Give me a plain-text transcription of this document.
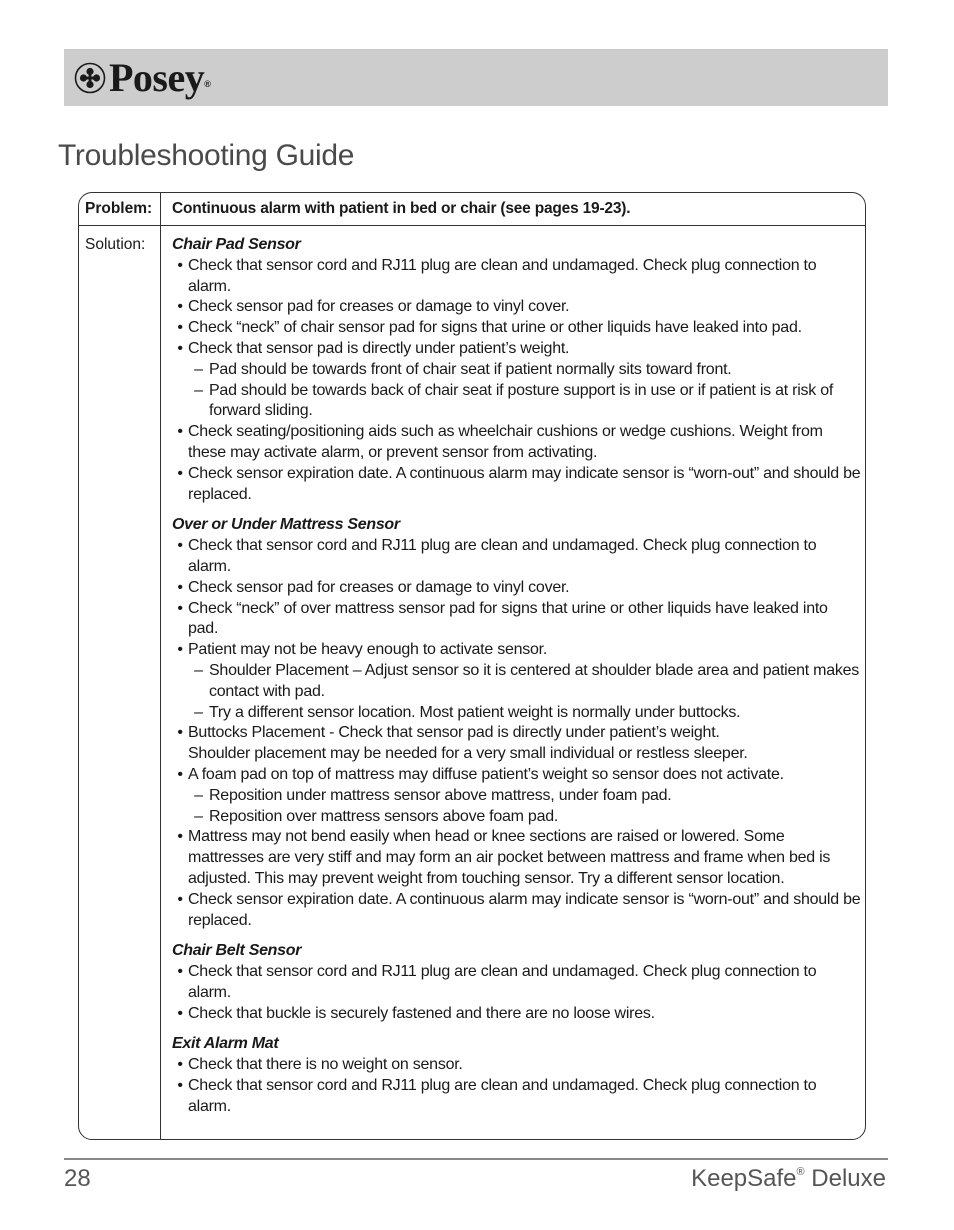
Posey®
Troubleshooting Guide
Problem: Continuous alarm with patient in bed or chair (see pages 19-23).
Solution: Chair Pad Sensor
• Check that sensor cord and RJ11 plug are clean and undamaged. Check plug connection to alarm.
• Check sensor pad for creases or damage to vinyl cover.
• Check “neck” of chair sensor pad for signs that urine or other liquids have leaked into pad.
• Check that sensor pad is directly under patient’s weight.
– Pad should be towards front of chair seat if patient normally sits toward front.
– Pad should be towards back of chair seat if posture support is in use or if patient is at risk of forward sliding.
• Check seating/positioning aids such as wheelchair cushions or wedge cushions. Weight from these may activate alarm, or prevent sensor from activating.
• Check sensor expiration date. A continuous alarm may indicate sensor is “worn-out” and should be replaced.
Over or Under Mattress Sensor
• Check that sensor cord and RJ11 plug are clean and undamaged. Check plug connection to alarm.
• Check sensor pad for creases or damage to vinyl cover.
• Check “neck” of over mattress sensor pad for signs that urine or other liquids have leaked into pad.
• Patient may not be heavy enough to activate sensor.
– Shoulder Placement – Adjust sensor so it is centered at shoulder blade area and patient makes contact with pad.
– Try a different sensor location. Most patient weight is normally under buttocks.
• Buttocks Placement - Check that sensor pad is directly under patient’s weight.
Shoulder placement may be needed for a very small individual or restless sleeper.
• A foam pad on top of mattress may diffuse patient’s weight so sensor does not activate.
– Reposition under mattress sensor above mattress, under foam pad.
– Reposition over mattress sensors above foam pad.
• Mattress may not bend easily when head or knee sections are raised or lowered. Some mattresses are very stiff and may form an air pocket between mattress and frame when bed is adjusted. This may prevent weight from touching sensor. Try a different sensor location.
• Check sensor expiration date. A continuous alarm may indicate sensor is “worn-out” and should be replaced.
Chair Belt Sensor
• Check that sensor cord and RJ11 plug are clean and undamaged. Check plug connection to alarm.
• Check that buckle is securely fastened and there are no loose wires.
Exit Alarm Mat
• Check that there is no weight on sensor.
• Check that sensor cord and RJ11 plug are clean and undamaged. Check plug connection to alarm.
28	KeepSafe® Deluxe
